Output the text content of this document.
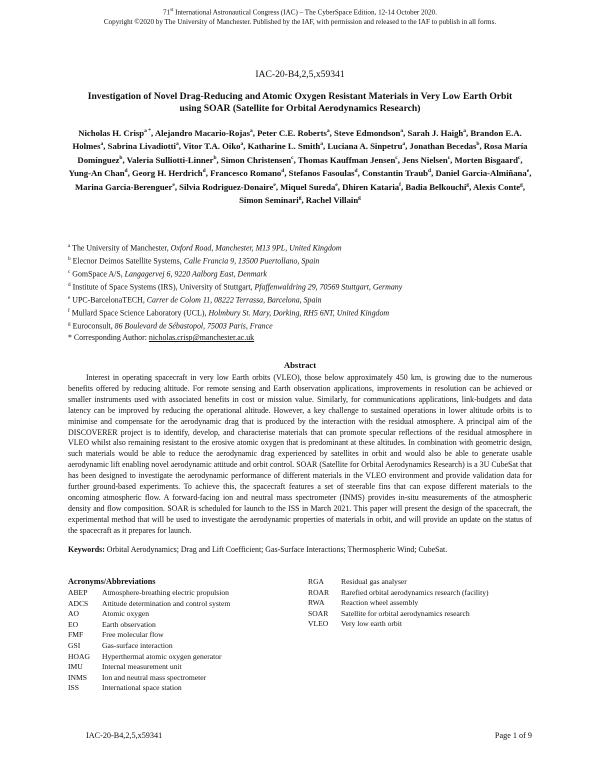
71st International Astronautical Congress (IAC) – The CyberSpace Edition, 12-14 October 2020.
Copyright ©2020 by The University of Manchester. Published by the IAF, with permission and released to the IAF to publish in all forms.
IAC-20-B4,2,5,x59341
Investigation of Novel Drag-Reducing and Atomic Oxygen Resistant Materials in Very Low Earth Orbit using SOAR (Satellite for Orbital Aerodynamics Research)
Nicholas H. Crisp$^{a *}$, Alejandro Macario-Rojas$^a$, Peter C.E. Roberts$^a$, Steve Edmondson$^a$, Sarah J. Haigh$^a$, Brandon E.A. Holmes$^a$, Sabrina Livadiotti$^a$, Vitor T.A. Oiko$^a$, Katharine L. Smith$^a$, Luciana A. Sinpetru$^a$, Jonathan Becedas$^b$, Rosa María Domínguez$^b$, Valeria Sulliotti-Linner$^b$, Simon Christensen$^c$, Thomas Kauffman Jensen$^c$, Jens Nielsen$^c$, Morten Bisgaard$^c$, Yung-An Chan$^d$, Georg H. Herdrich$^d$, Francesco Romano$^d$, Stefanos Fasoulas$^d$, Constantin Traub$^d$, Daniel Garcia-Almiñana$^e$, Marina Garcia-Berenguer$^e$, Silvia Rodriguez-Donaire$^e$, Miquel Sureda$^e$, Dhiren Kataria$^f$, Badia Belkouchi$^g$, Alexis Conte$^g$, Simon Seminari$^g$, Rachel Villain$^g$
$^a$ The University of Manchester, Oxford Road, Manchester, M13 9PL, United Kingdom
$^b$ Elecnor Deimos Satellite Systems, Calle Francia 9, 13500 Puertollano, Spain
$^c$ GomSpace A/S, Langagervej 6, 9220 Aalborg East, Denmark
$^d$ Institute of Space Systems (IRS), University of Stuttgart, Pfaffenwaldring 29, 70569 Stuttgart, Germany
$^e$ UPC-BarcelonaTECH, Carrer de Colom 11, 08222 Terrassa, Barcelona, Spain
$^f$ Mullard Space Science Laboratory (UCL), Holmbury St. Mary, Dorking, RH5 6NT, United Kingdom
$^g$ Euroconsult, 86 Boulevard de Sébastopol, 75003 Paris, France
* Corresponding Author: nicholas.crisp@manchester.ac.uk
Abstract
Interest in operating spacecraft in very low Earth orbits (VLEO), those below approximately 450 km, is growing due to the numerous benefits offered by reducing altitude. For remote sensing and Earth observation applications, improvements in resolution can be achieved or smaller instruments used with associated benefits in cost or mission value. Similarly, for communications applications, link-budgets and data latency can be improved by reducing the operational altitude. However, a key challenge to sustained operations in lower altitude orbits is to minimise and compensate for the aerodynamic drag that is produced by the interaction with the residual atmosphere. A principal aim of the DISCOVERER project is to identify, develop, and characterise materials that can promote specular reflections of the residual atmosphere in VLEO whilst also remaining resistant to the erosive atomic oxygen that is predominant at these altitudes. In combination with geometric design, such materials would be able to reduce the aerodynamic drag experienced by satellites in orbit and would also be able to generate usable aerodynamic lift enabling novel aerodynamic attitude and orbit control. SOAR (Satellite for Orbital Aerodynamics Research) is a 3U CubeSat that has been designed to investigate the aerodynamic performance of different materials in the VLEO environment and provide validation data for further ground-based experiments. To achieve this, the spacecraft features a set of steerable fins that can expose different materials to the oncoming atmospheric flow. A forward-facing ion and neutral mass spectrometer (INMS) provides in-situ measurements of the atmospheric density and flow composition. SOAR is scheduled for launch to the ISS in March 2021. This paper will present the design of the spacecraft, the experimental method that will be used to investigate the aerodynamic properties of materials in orbit, and will provide an update on the status of the spacecraft as it prepares for launch.
Keywords: Orbital Aerodynamics; Drag and Lift Coefficient; Gas-Surface Interactions; Thermospheric Wind; CubeSat.
Acronyms/Abbreviations
ABEP	Atmosphere-breathing electric propulsion
ADCS	Attitude determination and control system
AO	Atomic oxygen
EO	Earth observation
FMF	Free molecular flow
GSI	Gas-surface interaction
HOAG	Hyperthermal atomic oxygen generator
IMU	Internal measurement unit
INMS	Ion and neutral mass spectrometer
ISS	International space station
RGA	Residual gas analyser
ROAR	Rarefied orbital aerodynamics research (facility)
RWA	Reaction wheel assembly
SOAR	Satellite for orbital aerodynamics research
VLEO	Very low earth orbit
IAC-20-B4,2,5,x59341	Page 1 of 9
